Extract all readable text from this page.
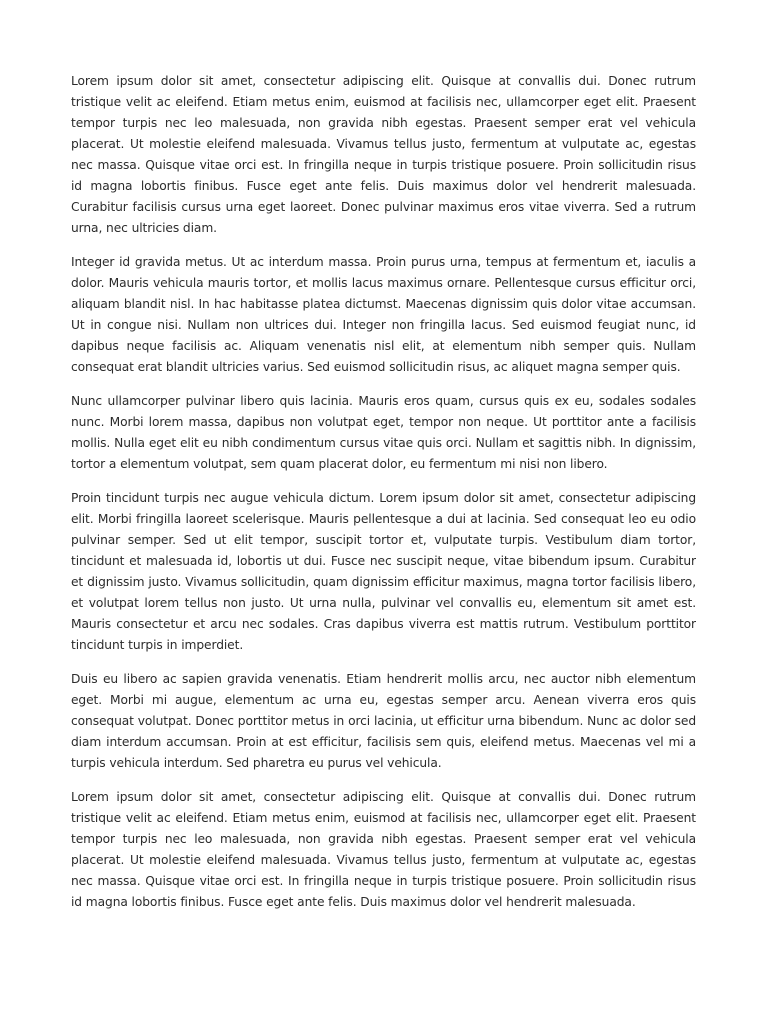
Lorem ipsum dolor sit amet, consectetur adipiscing elit. Quisque at convallis dui. Donec rutrum tristique velit ac eleifend. Etiam metus enim, euismod at facilisis nec, ullamcorper eget elit. Praesent tempor turpis nec leo malesuada, non gravida nibh egestas. Praesent semper erat vel vehicula placerat. Ut molestie eleifend malesuada. Vivamus tellus justo, fermentum at vulputate ac, egestas nec massa. Quisque vitae orci est. In fringilla neque in turpis tristique posuere. Proin sollicitudin risus id magna lobortis finibus. Fusce eget ante felis. Duis maximus dolor vel hendrerit malesuada. Curabitur facilisis cursus urna eget laoreet. Donec pulvinar maximus eros vitae viverra. Sed a rutrum urna, nec ultricies diam.

Integer id gravida metus. Ut ac interdum massa. Proin purus urna, tempus at fermentum et, iaculis a dolor. Mauris vehicula mauris tortor, et mollis lacus maximus ornare. Pellentesque cursus efficitur orci, aliquam blandit nisl. In hac habitasse platea dictumst. Maecenas dignissim quis dolor vitae accumsan. Ut in congue nisi. Nullam non ultrices dui. Integer non fringilla lacus. Sed euismod feugiat nunc, id dapibus neque facilisis ac. Aliquam venenatis nisl elit, at elementum nibh semper quis. Nullam consequat erat blandit ultricies varius. Sed euismod sollicitudin risus, ac aliquet magna semper quis.

Nunc ullamcorper pulvinar libero quis lacinia. Mauris eros quam, cursus quis ex eu, sodales sodales nunc. Morbi lorem massa, dapibus non volutpat eget, tempor non neque. Ut porttitor ante a facilisis mollis. Nulla eget elit eu nibh condimentum cursus vitae quis orci. Nullam et sagittis nibh. In dignissim, tortor a elementum volutpat, sem quam placerat dolor, eu fermentum mi nisi non libero.

Proin tincidunt turpis nec augue vehicula dictum. Lorem ipsum dolor sit amet, consectetur adipiscing elit. Morbi fringilla laoreet scelerisque. Mauris pellentesque a dui at lacinia. Sed consequat leo eu odio pulvinar semper. Sed ut elit tempor, suscipit tortor et, vulputate turpis. Vestibulum diam tortor, tincidunt et malesuada id, lobortis ut dui. Fusce nec suscipit neque, vitae bibendum ipsum. Curabitur et dignissim justo. Vivamus sollicitudin, quam dignissim efficitur maximus, magna tortor facilisis libero, et volutpat lorem tellus non justo. Ut urna nulla, pulvinar vel convallis eu, elementum sit amet est. Mauris consectetur et arcu nec sodales. Cras dapibus viverra est mattis rutrum. Vestibulum porttitor tincidunt turpis in imperdiet.

Duis eu libero ac sapien gravida venenatis. Etiam hendrerit mollis arcu, nec auctor nibh elementum eget. Morbi mi augue, elementum ac urna eu, egestas semper arcu. Aenean viverra eros quis consequat volutpat. Donec porttitor metus in orci lacinia, ut efficitur urna bibendum. Nunc ac dolor sed diam interdum accumsan. Proin at est efficitur, facilisis sem quis, eleifend metus. Maecenas vel mi a turpis vehicula interdum. Sed pharetra eu purus vel vehicula.

Lorem ipsum dolor sit amet, consectetur adipiscing elit. Quisque at convallis dui. Donec rutrum tristique velit ac eleifend. Etiam metus enim, euismod at facilisis nec, ullamcorper eget elit. Praesent tempor turpis nec leo malesuada, non gravida nibh egestas. Praesent semper erat vel vehicula placerat. Ut molestie eleifend malesuada. Vivamus tellus justo, fermentum at vulputate ac, egestas nec massa. Quisque vitae orci est. In fringilla neque in turpis tristique posuere. Proin sollicitudin risus id magna lobortis finibus. Fusce eget ante felis. Duis maximus dolor vel hendrerit malesuada.
